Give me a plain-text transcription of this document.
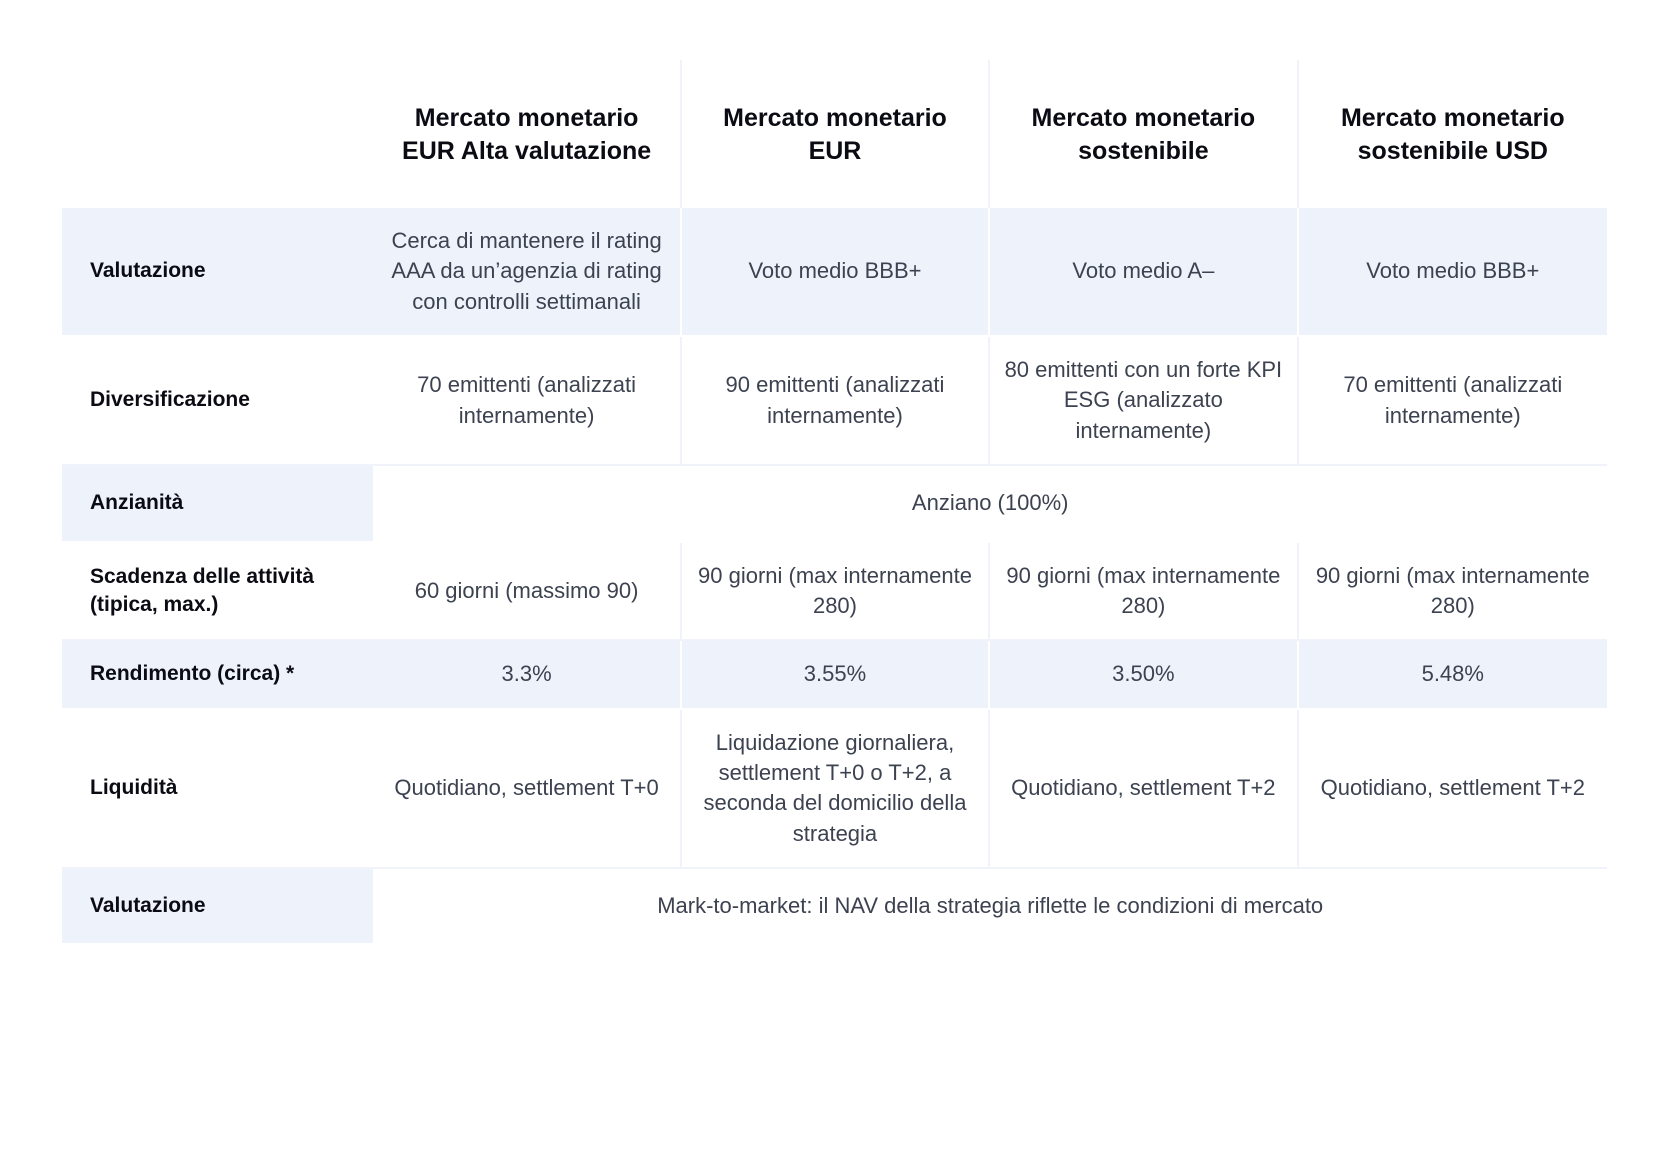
	Mercato monetario EUR Alta valutazione	Mercato monetario EUR	Mercato monetario sostenibile	Mercato monetario sostenibile USD
Valutazione	Cerca di mantenere il rating AAA da un’agenzia di rating con controlli settimanali	Voto medio BBB+	Voto medio A–	Voto medio BBB+
Diversificazione	70 emittenti (analizzati internamente)	90 emittenti (analizzati internamente)	80 emittenti con un forte KPI ESG (analizzato internamente)	70 emittenti (analizzati internamente)
Anzianità	Anziano (100%)			
Scadenza delle attività (tipica, max.)	60 giorni (massimo 90)	90 giorni (max internamente 280)	90 giorni (max internamente 280)	90 giorni (max internamente 280)
Rendimento (circa) *	3.3%	3.55%	3.50%	5.48%
Liquidità	Quotidiano, settlement T+0	Liquidazione giornaliera, settlement T+0 o T+2, a seconda del domicilio della strategia	Quotidiano, settlement T+2	Quotidiano, settlement T+2
Valutazione	Mark-to-market: il NAV della strategia riflette le condizioni di mercato			
